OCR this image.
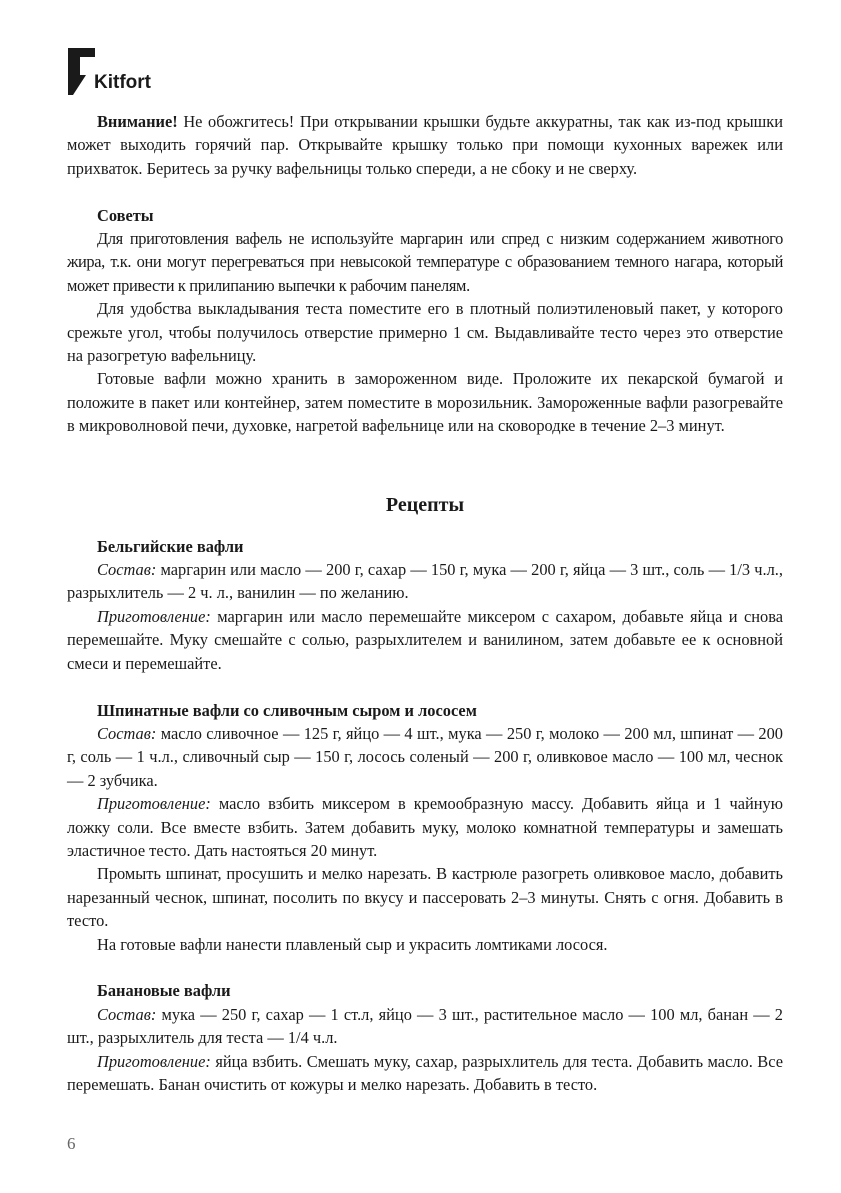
Kitfort

Внимание! Не обожгитесь! При открывании крышки будьте аккуратны, так как из-под крышки может выходить горячий пар. Открывайте крышку только при помощи кухонных варежек или прихваток. Беритесь за ручку вафельницы только спереди, а не сбоку и не сверху.

Советы

Для приготовления вафель не используйте маргарин или спред с низким содержанием животного жира, т.к. они могут перегреваться при невысокой температуре с образованием темного нагара, который может привести к прилипанию выпечки к рабочим панелям.

Для удобства выкладывания теста поместите его в плотный полиэтиленовый пакет, у которого срежьте угол, чтобы получилось отверстие примерно 1 см. Выдавливайте тесто через это отверстие на разогретую вафельницу.

Готовые вафли можно хранить в замороженном виде. Проложите их пекарской бумагой и положите в пакет или контейнер, затем поместите в морозильник. Замороженные вафли разогревайте в микроволновой печи, духовке, нагретой вафельнице или на сковородке в течение 2–3 минут.

Рецепты

Бельгийские вафли

Состав: маргарин или масло — 200 г, сахар — 150 г, мука — 200 г, яйца — 3 шт., соль — 1/3 ч.л., разрыхлитель — 2 ч. л., ванилин — по желанию.

Приготовление: маргарин или масло перемешайте миксером с сахаром, добавьте яйца и снова перемешайте. Муку смешайте с солью, разрыхлителем и ванилином, затем добавьте ее к основной смеси и перемешайте.

Шпинатные вафли со сливочным сыром и лососем

Состав: масло сливочное — 125 г, яйцо — 4 шт., мука — 250 г, молоко — 200 мл, шпинат — 200 г, соль — 1 ч.л., сливочный сыр — 150 г, лосось соленый — 200 г, оливковое масло — 100 мл, чеснок — 2 зубчика.

Приготовление: масло взбить миксером в кремообразную массу. Добавить яйца и 1 чайную ложку соли. Все вместе взбить. Затем добавить муку, молоко комнатной температуры и замешать эластичное тесто. Дать настояться 20 минут.

Промыть шпинат, просушить и мелко нарезать. В кастрюле разогреть оливковое масло, добавить нарезанный чеснок, шпинат, посолить по вкусу и пассеровать 2–3 минуты. Снять с огня. Добавить в тесто.

На готовые вафли нанести плавленый сыр и украсить ломтиками лосося.

Банановые вафли

Состав: мука — 250 г, сахар — 1 ст.л, яйцо — 3 шт., растительное масло — 100 мл, банан — 2 шт., разрыхлитель для теста — 1/4 ч.л.

Приготовление: яйца взбить. Смешать муку, сахар, разрыхлитель для теста. Добавить масло. Все перемешать. Банан очистить от кожуры и мелко нарезать. Добавить в тесто.

6
